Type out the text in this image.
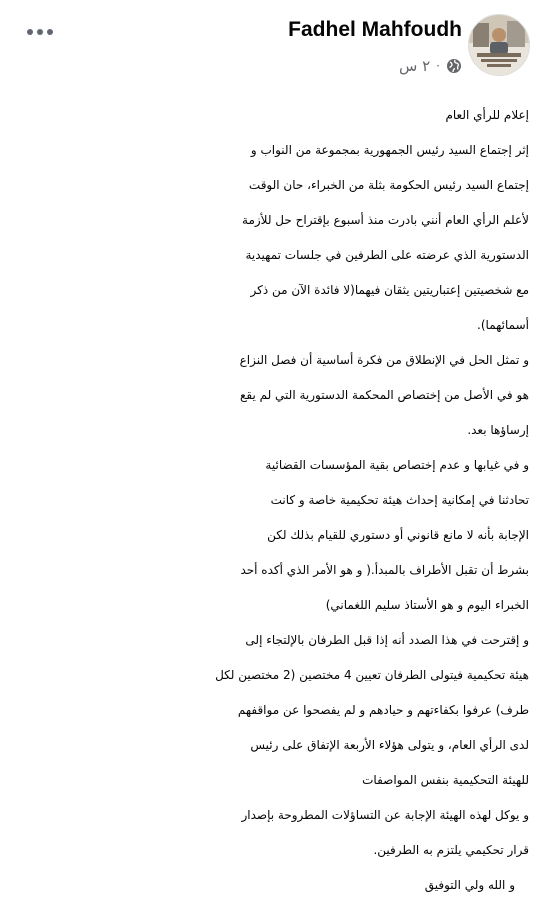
Fadhel Mahfoudh
٢ س ·
إعلام للرأي العام
إثر إجتماع السيد رئيس الجمهورية بمجموعة من النواب و
إجتماع السيد رئيس الحكومة بثلة من الخبراء، حان الوقت
لأعلم الرأي العام أنني بادرت منذ أسبوع بإقتراح حل للأزمة
الدستورية الذي عرضته على الطرفين في جلسات تمهيدية
مع شخصيتين إعتباريتين يثقان فيهما(لا فائدة الآن من ذكر
أسمائهما).
و تمثل الحل في الإنطلاق من فكرة أساسية أن فصل النزاع
هو في الأصل من إختصاص المحكمة الدستورية التي لم يقع
إرساؤها بعد.
و في غيابها و عدم إختصاص بقية المؤسسات القضائية
تحادثنا في إمكانية إحداث هيئة تحكيمية خاصة و كانت
الإجابة بأنه لا مانع قانوني أو دستوري للقيام بذلك لكن
بشرط أن تقبل الأطراف بالمبدأ.( و هو الأمر الذي أكده أحد
الخبراء اليوم و هو الأستاذ سليم اللغماني)
و إقترحت في هذا الصدد أنه إذا قبل الطرفان بالإلتجاء إلى
هيئة تحكيمية فيتولى الطرفان تعيين 4 مختصين (2 مختصين لكل
طرف) عرفوا بكفاءتهم و حيادهم و لم يفصحوا عن مواقفهم
لدى الرأي العام، و يتولى هؤلاء الأربعة الإتفاق على رئيس
للهيئة التحكيمية بنفس المواصفات
و يوكل لهذه الهيئة الإجابة عن التساؤلات المطروحة بإصدار
قرار تحكيمي يلتزم به الطرفين.
و الله ولي التوفيق
